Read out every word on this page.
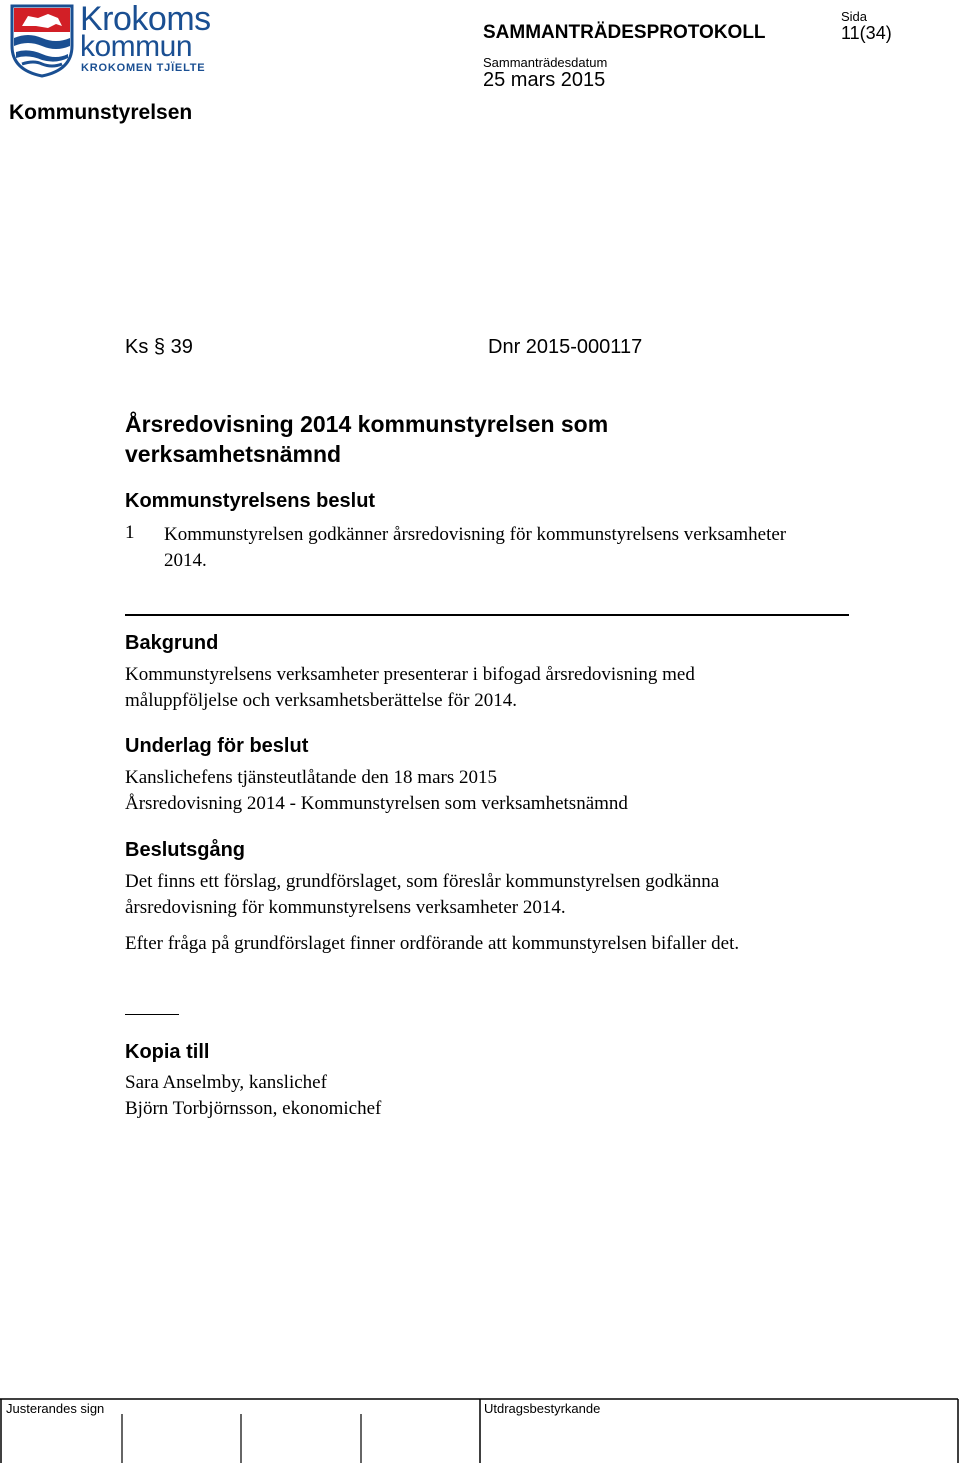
Krokoms
kommun
KROKOMEN TJÏELTE
Kommunstyrelsen
SAMMANTRÄDESPROTOKOLL
Sammanträdesdatum
25 mars 2015
Sida
11(34)
Ks § 39	Dnr 2015-000117
Årsredovisning 2014 kommunstyrelsen som verksamhetsnämnd
Kommunstyrelsens beslut
1 Kommunstyrelsen godkänner årsredovisning för kommunstyrelsens verksamheter 2014.
Bakgrund
Kommunstyrelsens verksamheter presenterar i bifogad årsredovisning med måluppföljelse och verksamhetsberättelse för 2014.
Underlag för beslut
Kanslichefens tjänsteutlåtande den 18 mars 2015
Årsredovisning 2014 - Kommunstyrelsen som verksamhetsnämnd
Beslutsgång
Det finns ett förslag, grundförslaget, som föreslår kommunstyrelsen godkänna årsredovisning för kommunstyrelsens verksamheter 2014.
Efter fråga på grundförslaget finner ordförande att kommunstyrelsen bifaller det.
Kopia till
Sara Anselmby, kanslichef
Björn Torbjörnsson, ekonomichef
Justerandes sign	Utdragsbestyrkande
